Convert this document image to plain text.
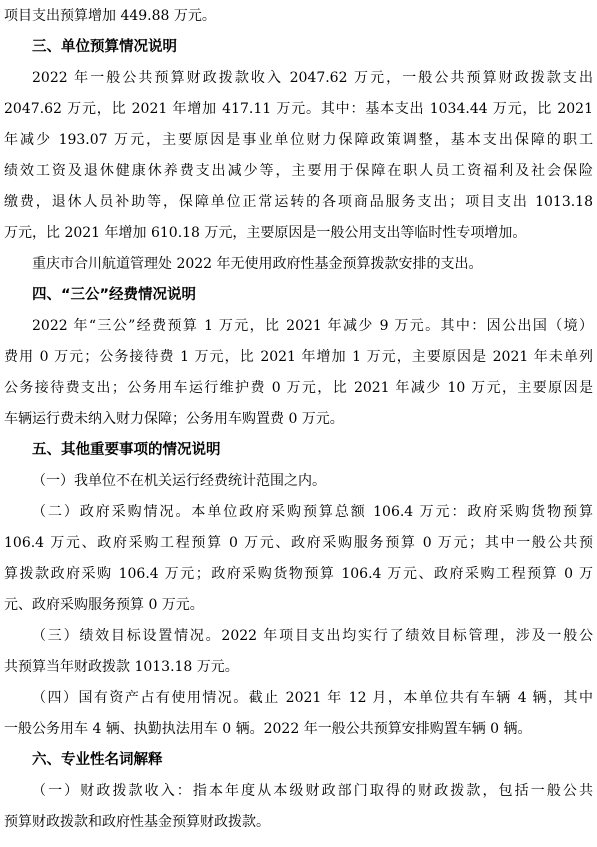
项目支出预算增加 449.88 万元。
三、单位预算情况说明
2022 年一般公共预算财政拨款收入 2047.62 万元，一般公共预算财政拨款支出
2047.62 万元，比 2021 年增加 417.11 万元。其中：基本支出 1034.44 万元，比 2021
年减少 193.07 万元，主要原因是事业单位财力保障政策调整，基本支出保障的职工
绩效工资及退休健康休养费支出减少等，主要用于保障在职人员工资福利及社会保险
缴费，退休人员补助等，保障单位正常运转的各项商品服务支出；项目支出 1013.18
万元，比 2021 年增加 610.18 万元，主要原因是一般公用支出等临时性专项增加。
重庆市合川航道管理处 2022 年无使用政府性基金预算拨款安排的支出。
四、“三公”经费情况说明
2022 年“三公”经费预算 1 万元，比 2021 年减少 9 万元。其中：因公出国（境）
费用 0 万元；公务接待费 1 万元，比 2021 年增加 1 万元，主要原因是 2021 年未单列
公务接待费支出；公务用车运行维护费 0 万元，比 2021 年减少 10 万元，主要原因是
车辆运行费未纳入财力保障；公务用车购置费 0 万元。
五、其他重要事项的情况说明
（一）我单位不在机关运行经费统计范围之内。
（二）政府采购情况。本单位政府采购预算总额 106.4 万元：政府采购货物预算
106.4 万元、政府采购工程预算 0 万元、政府采购服务预算 0 万元；其中一般公共预
算拨款政府采购 106.4 万元；政府采购货物预算 106.4 万元、政府采购工程预算 0 万
元、政府采购服务预算 0 万元。
（三）绩效目标设置情况。2022 年项目支出均实行了绩效目标管理，涉及一般公
共预算当年财政拨款 1013.18 万元。
（四）国有资产占有使用情况。截止 2021 年 12 月，本单位共有车辆 4 辆，其中
一般公务用车 4 辆、执勤执法用车 0 辆。2022 年一般公共预算安排购置车辆 0 辆。
六、专业性名词解释
（一）财政拨款收入：指本年度从本级财政部门取得的财政拨款，包括一般公共
预算财政拨款和政府性基金预算财政拨款。
